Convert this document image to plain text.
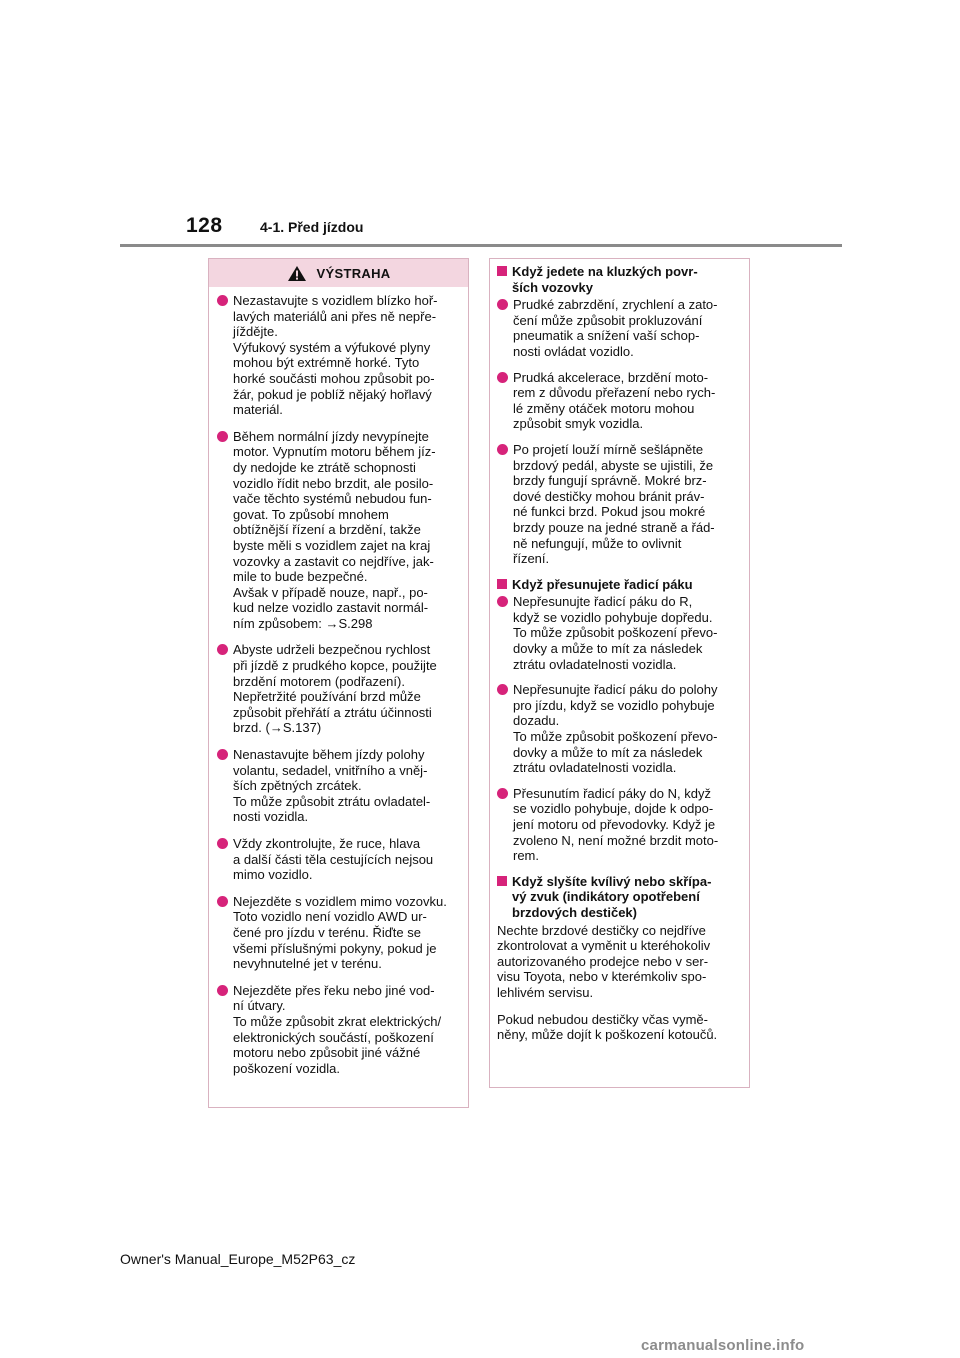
128	4-1. Před jízdou
VÝSTRAHA
Nezastavujte s vozidlem blízko hoř-
lavých materiálů ani přes ně nepře-
jíždějte.
Výfukový systém a výfukové plyny
mohou být extrémně horké. Tyto
horké součásti mohou způsobit po-
žár, pokud je poblíž nějaký hořlavý
materiál.
Během normální jízdy nevypínejte
motor. Vypnutím motoru během jíz-
dy nedojde ke ztrátě schopnosti
vozidlo řídit nebo brzdit, ale posilo-
vače těchto systémů nebudou fun-
govat. To způsobí mnohem
obtížnější řízení a brzdění, takže
byste měli s vozidlem zajet na kraj
vozovky a zastavit co nejdříve, jak-
mile to bude bezpečné.
Avšak v případě nouze, např., po-
kud nelze vozidlo zastavit normál-
ním způsobem: →S.298
Abyste udrželi bezpečnou rychlost
při jízdě z prudkého kopce, použijte
brzdění motorem (podřazení).
Nepřetržité používání brzd může
způsobit přehřátí a ztrátu účinnosti
brzd. (→S.137)
Nenastavujte během jízdy polohy
volantu, sedadel, vnitřního a vněj-
ších zpětných zrcátek.
To může způsobit ztrátu ovladatel-
nosti vozidla.
Vždy zkontrolujte, že ruce, hlava
a další části těla cestujících nejsou
mimo vozidlo.
Nejezděte s vozidlem mimo vozovku.
Toto vozidlo není vozidlo AWD ur-
čené pro jízdu v terénu. Řiďte se
všemi příslušnými pokyny, pokud je
nevyhnutelné jet v terénu.
Nejezděte přes řeku nebo jiné vod-
ní útvary.
To může způsobit zkrat elektrických/
elektronických součástí, poškození
motoru nebo způsobit jiné vážné
poškození vozidla.
Když jedete na kluzkých povr-
ších vozovky
Prudké zabrzdění, zrychlení a zato-
čení může způsobit prokluzování
pneumatik a snížení vaší schop-
nosti ovládat vozidlo.
Prudká akcelerace, brzdění moto-
rem z důvodu přeřazení nebo rych-
lé změny otáček motoru mohou
způsobit smyk vozidla.
Po projetí louží mírně sešlápněte
brzdový pedál, abyste se ujistili, že
brzdy fungují správně. Mokré brz-
dové destičky mohou bránit práv-
né funkci brzd. Pokud jsou mokré
brzdy pouze na jedné straně a řád-
ně nefungují, může to ovlivnit
řízení.
Když přesunujete řadicí páku
Nepřesunujte řadicí páku do R,
když se vozidlo pohybuje dopředu.
To může způsobit poškození převo-
dovky a může to mít za následek
ztrátu ovladatelnosti vozidla.
Nepřesunujte řadicí páku do polohy
pro jízdu, když se vozidlo pohybuje
dozadu.
To může způsobit poškození převo-
dovky a může to mít za následek
ztrátu ovladatelnosti vozidla.
Přesunutím řadicí páky do N, když
se vozidlo pohybuje, dojde k odpo-
jení motoru od převodovky. Když je
zvoleno N, není možné brzdit moto-
rem.
Když slyšíte kvílivý nebo skřípa-
vý zvuk (indikátory opotřebení
brzdových destiček)
Nechte brzdové destičky co nejdříve
zkontrolovat a vyměnit u kteréhokoliv
autorizovaného prodejce nebo v ser-
visu Toyota, nebo v kterémkoliv spo-
lehlivém servisu.
Pokud nebudou destičky včas vymě-
něny, může dojít k poškození kotoučů.
Owner's Manual_Europe_M52P63_cz
carmanualsonline.info
